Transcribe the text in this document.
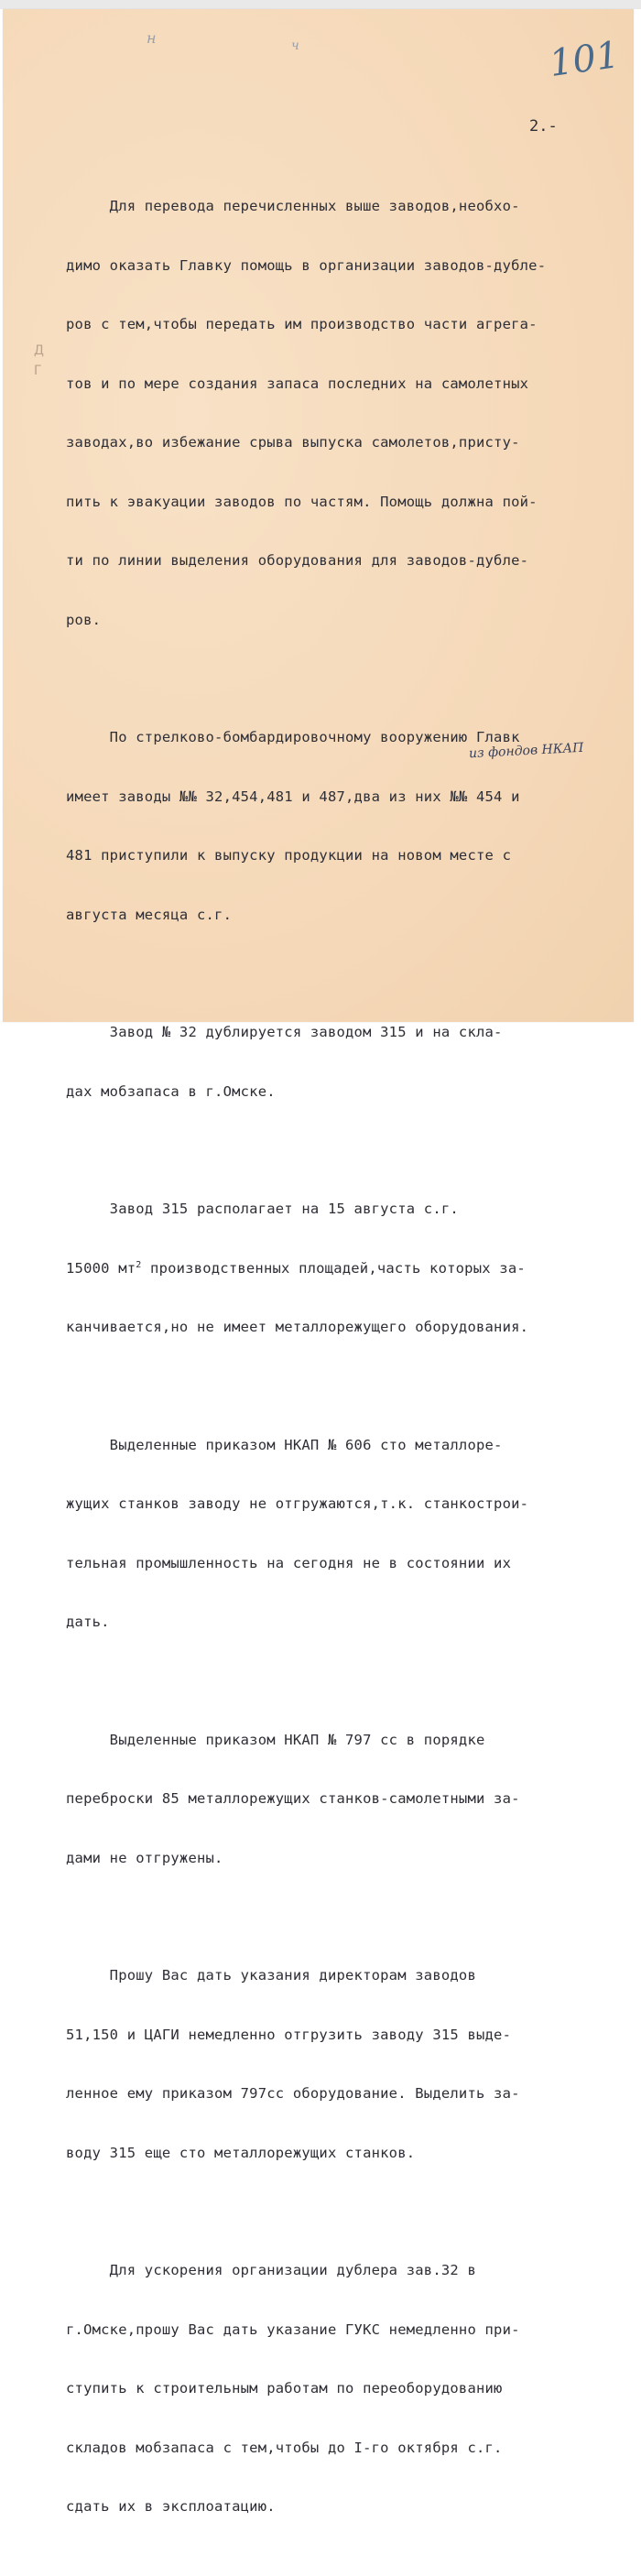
101
н	ч
2.-
Д
Г

Для перевода перечисленных выше заводов,необхо-

димо оказать Главку помощь в организации заводов-дубле-

ров с тем,чтобы передать им производство части агрега-

тов и по мере создания запаса последних на самолетных

заводах,во избежание срыва выпуска самолетов,присту-

пить к эвакуации заводов по частям. Помощь должна пой-

ти по линии выделения оборудования для заводов-дубле-

ров.

По стрелково-бомбардировочному вооружению Главк

имеет заводы №№ 32,454,481 и 487,два из них №№ 454 и

481 приступили к выпуску продукции на новом месте с

августа месяца с.г.

Завод № 32 дублируется заводом 315 и на скла-

дах мобзапаса в г.Омске.

Завод 315 располагает на 15 августа с.г.

15000 $мт^2$ производственных площадей,часть которых за-

канчивается,но не имеет металлорежущего оборудования.

Выделенные приказом НКАП № 606 сто металлоре-

жущих станков заводу не отгружаются,т.к. станкострои-

тельная промышленность на сегодня не в состоянии их

дать.

Выделенные приказом НКАП № 797 сс в порядке

переброски 85 металлорежущих станков-самолетными за-

дами не отгружены.

Прошу Вас дать указания директорам заводов

51,150 и ЦАГИ немедленно отгрузить заводу 315 выде-

ленное ему приказом 797сс оборудование. Выделить за-

воду 315 еще сто металлорежущих станков.

Для ускорения организации дублера зав.32 в

г.Омске,прошу Вас дать указание ГУКС немедленно при-

ступить к строительным работам по переоборудованию

складов мобзапаса с тем,чтобы до I-го октября с.г.

сдать их в эксплоатацию.

из фондов НКАП
